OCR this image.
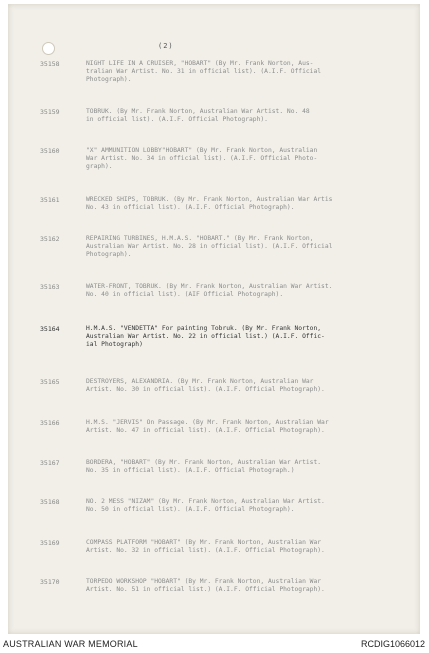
(2)
35158	NIGHT LIFE IN A CRUISER, "HOBART" (By Mr. Frank Norton, Aus-
tralian War Artist. No. 31 in official list). (A.I.F. Official
Photograph).
35159	TOBRUK. (By Mr. Frank Norton, Australian War Artist. No. 48
in official list). (A.I.F. Official Photograph).
35160	"X" AMMUNITION LOBBY"HOBART" (By Mr. Frank Norton, Australian
War Artist. No. 34 in official list). (A.I.F. Official Photo-
graph).
35161	WRECKED SHIPS, TOBRUK. (By Mr. Frank Norton, Australian War Artis
No. 43 in official list). (A.I.F. Official Photograph).
35162	REPAIRING TURBINES, H.M.A.S. "HOBART." (By Mr. Frank Norton,
Australian War Artist. No. 28 in official list). (A.I.F. Official
Photograph).
35163	WATER-FRONT, TOBRUK. (By Mr. Frank Norton, Australian War Artist.
No. 40 in official list). (AIF Official Photograph).
35164	H.M.A.S. "VENDETTA" For painting Tobruk. (By Mr. Frank Norton,
Australian War Artist. No. 22 in official list.) (A.I.F. Offic-
ial Photograph)
35165	DESTROYERS, ALEXANDRIA. (By Mr. Frank Norton, Australian War
Artist. No. 30 in official list). (A.I.F. Official Photograph).
35166	H.M.S. "JERVIS" On Passage. (By Mr. Frank Norton, Australian War
Artist. No. 47 in official list). (A.I.F. Official Photograph).
35167	BORDERA, "HOBART" (By Mr. Frank Norton, Australian War Artist.
No. 35 in official list). (A.I.F. Official Photograph.)
35168	NO. 2 MESS "NIZAM" (By Mr. Frank Norton, Australian War Artist.
No. 50 in official list). (A.I.F. Official Photograph).
35169	COMPASS PLATFORM "HOBART" (By Mr. Frank Norton, Australian War
Artist. No. 32 in official list). (A.I.F. Official Photograph).
35170	TORPEDO WORKSHOP "HOBART" (By Mr. Frank Norton, Australian War
Artist. No. 51 in official list.) (A.I.F. Official Photograph).
AUSTRALIAN WAR MEMORIAL	RCDIG1066012
